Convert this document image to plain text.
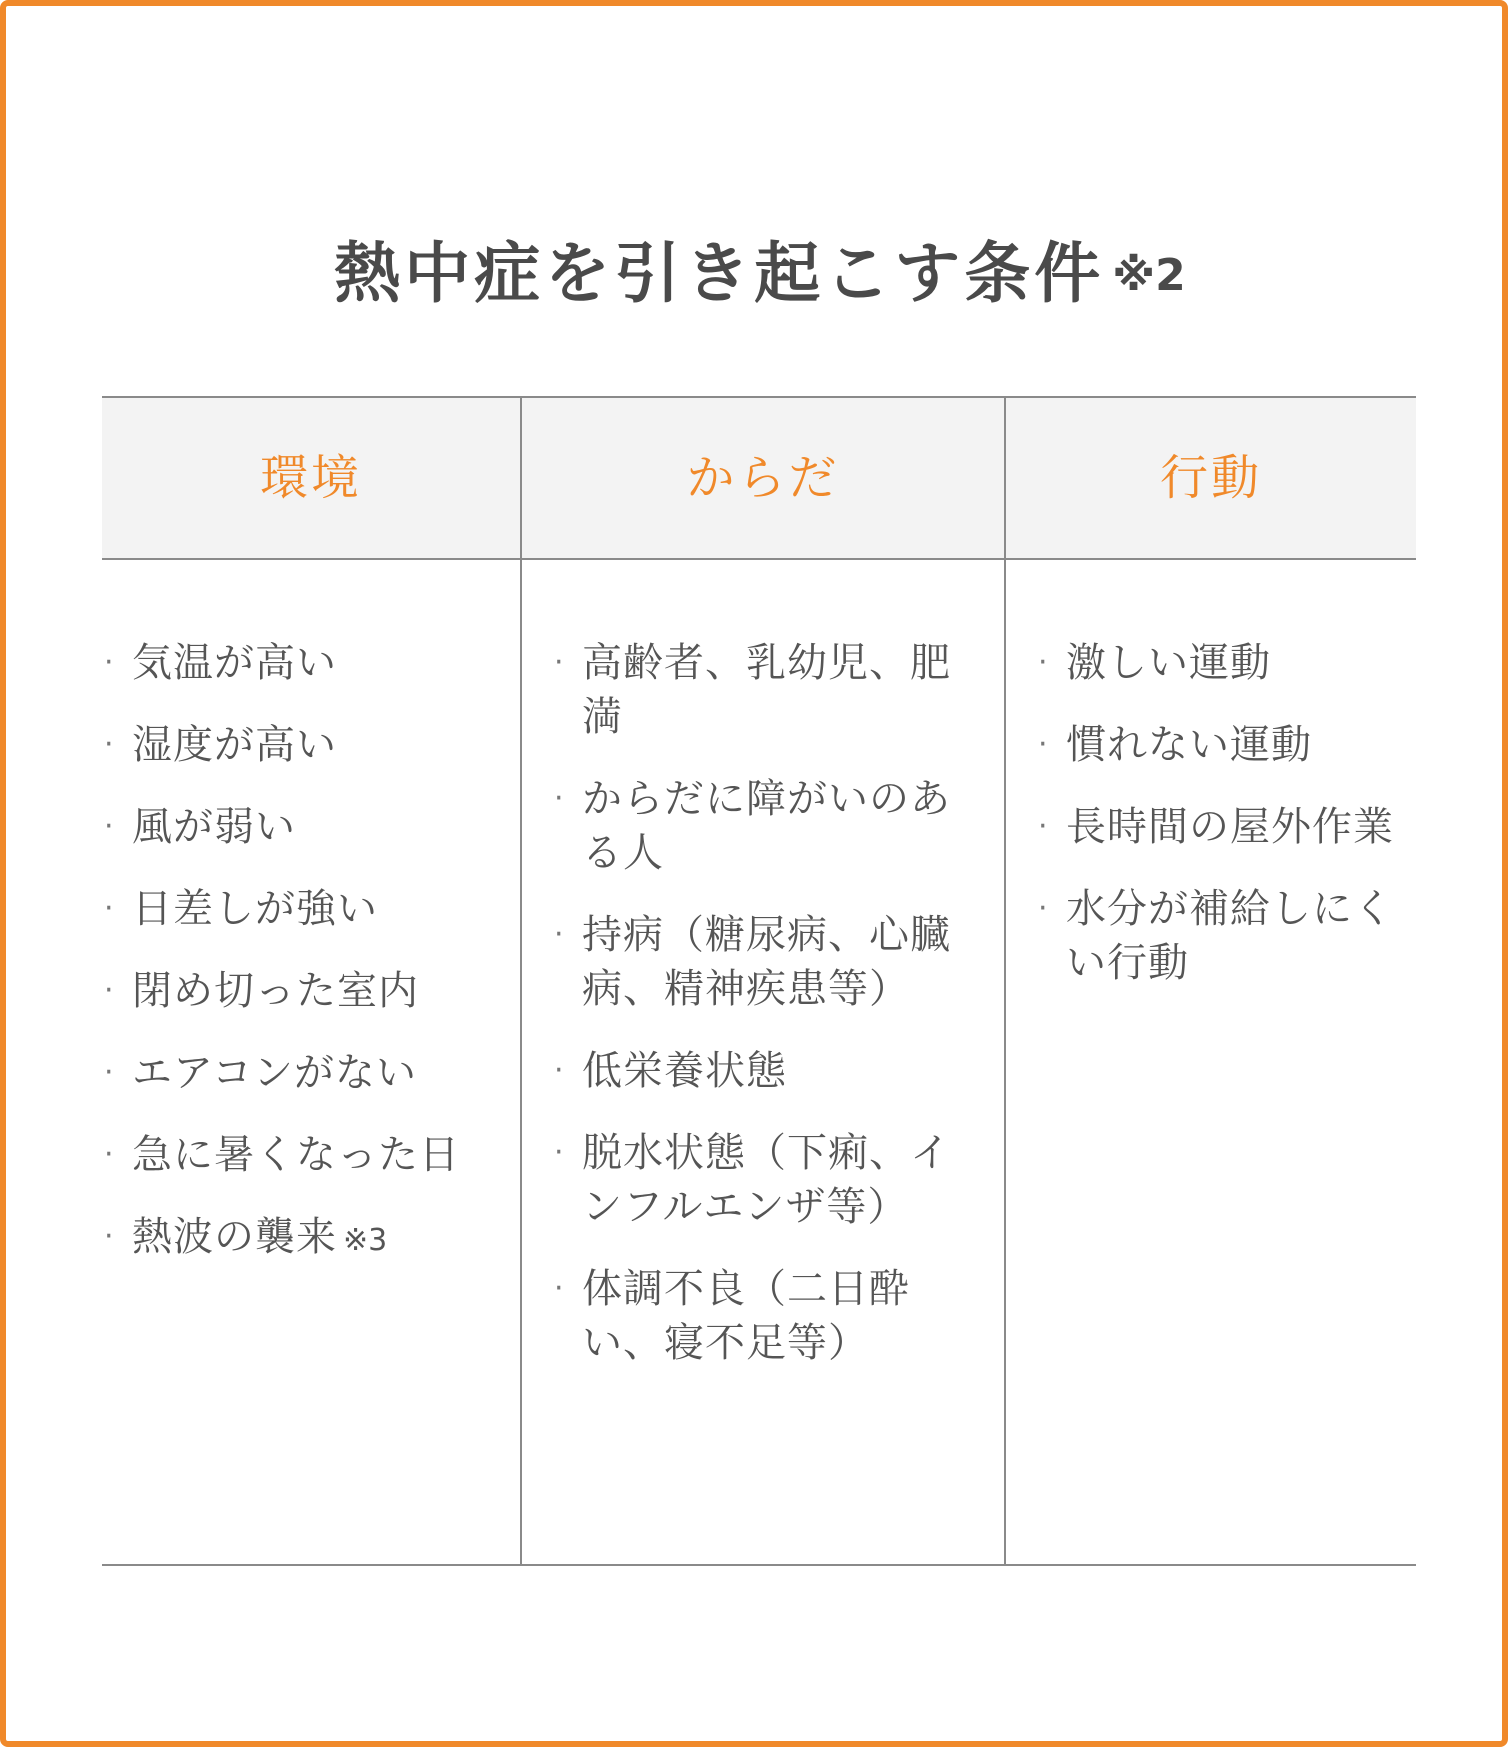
熱中症を引き起こす条件 ※2
環境	からだ	行動
· 気温が高い
· 湿度が高い
· 風が弱い
· 日差しが強い
· 閉め切った室内
· エアコンがない
· 急に暑くなった日
· 熱波の襲来 ※3
· 高齢者、乳幼児、肥満
· からだに障がいのある人
· 持病（糖尿病、心臓病、精神疾患等）
· 低栄養状態
· 脱水状態（下痢、インフルエンザ等）
· 体調不良（二日酔い、寝不足等）
· 激しい運動
· 慣れない運動
· 長時間の屋外作業
· 水分が補給しにくい行動
